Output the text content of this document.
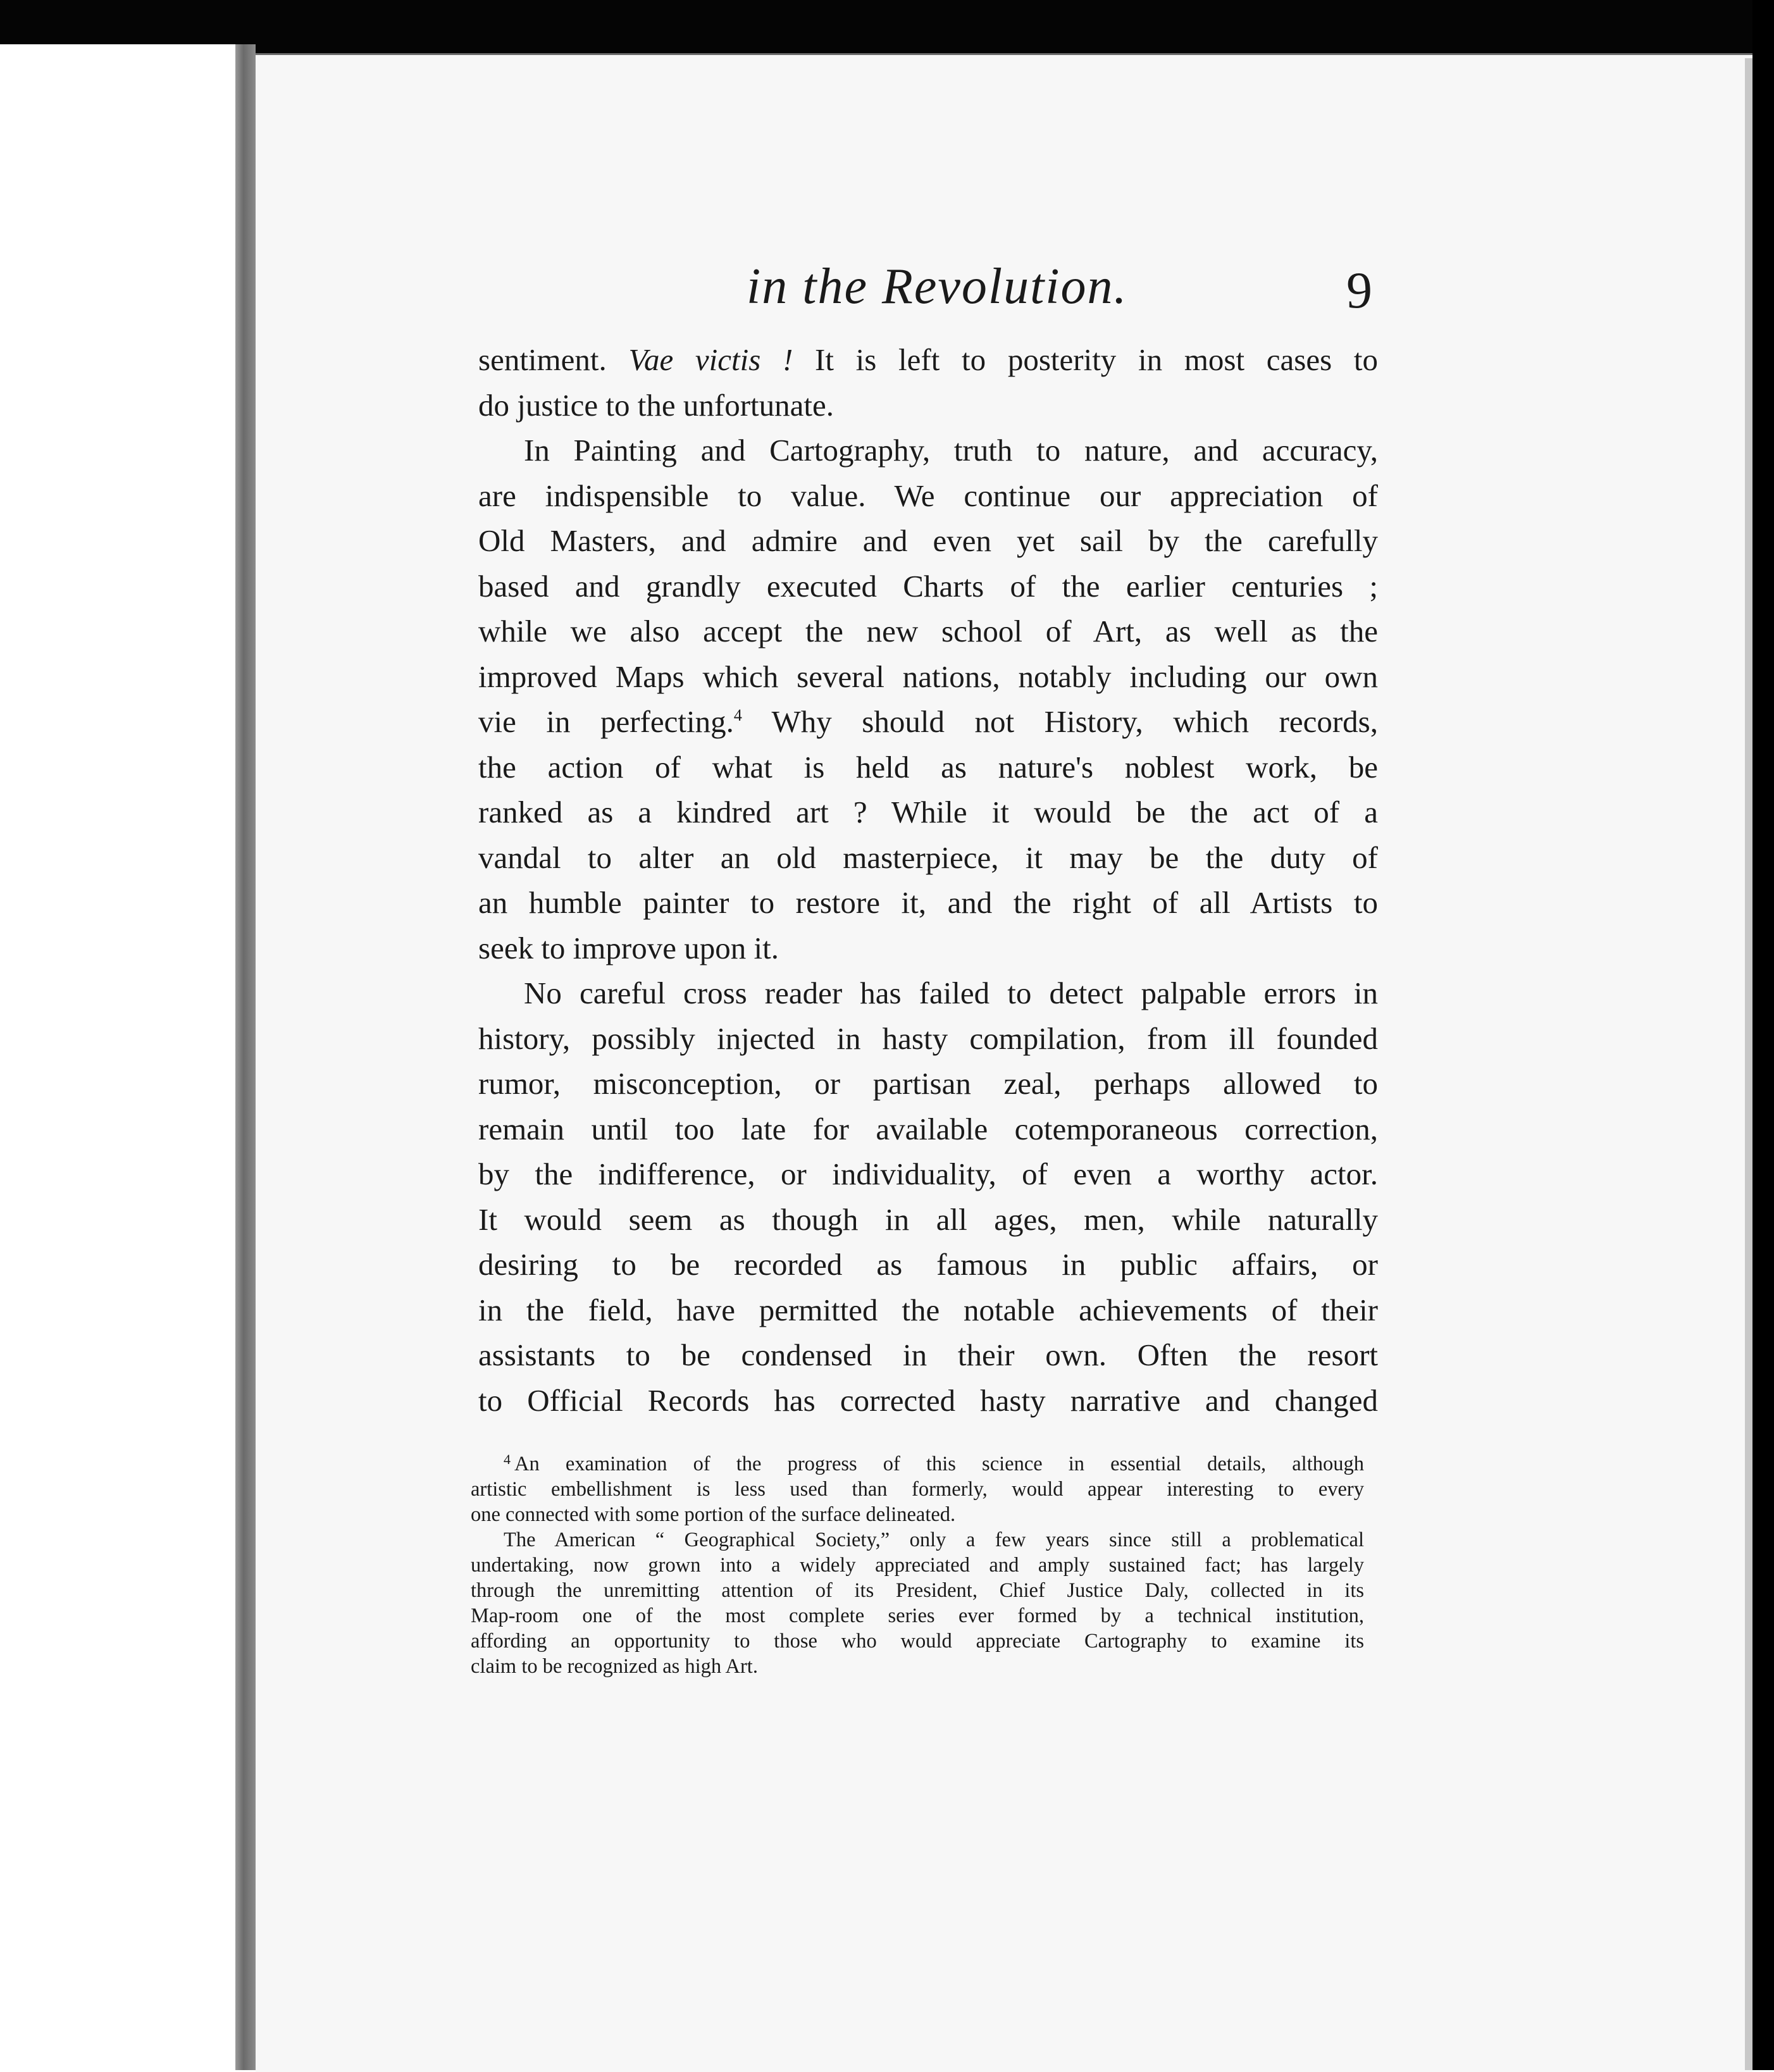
in the Revolution.	9
sentiment. Vae victis ! It is left to posterity in most cases to
do justice to the unfortunate.
In Painting and Cartography, truth to nature, and accuracy,
are indispensible to value. We continue our appreciation of
Old Masters, and admire and even yet sail by the carefully
based and grandly executed Charts of the earlier centuries ;
while we also accept the new school of Art, as well as the
improved Maps which several nations, notably including our own
vie in perfecting.$^4$ Why should not History, which records,
the action of what is held as nature's noblest work, be
ranked as a kindred art ? While it would be the act of a
vandal to alter an old masterpiece, it may be the duty of
an humble painter to restore it, and the right of all Artists to
seek to improve upon it.
No careful cross reader has failed to detect palpable errors in
history, possibly injected in hasty compilation, from ill founded
rumor, misconception, or partisan zeal, perhaps allowed to
remain until too late for available cotemporaneous correction,
by the indifference, or individuality, of even a worthy actor.
It would seem as though in all ages, men, while naturally
desiring to be recorded as famous in public affairs, or
in the field, have permitted the notable achievements of their
assistants to be condensed in their own. Often the resort
to Official Records has corrected hasty narrative and changed
$^4$ An examination of the progress of this science in essential details, although
artistic embellishment is less used than formerly, would appear interesting to every
one connected with some portion of the surface delineated.
The American “ Geographical Society,” only a few years since still a problematical
undertaking, now grown into a widely appreciated and amply sustained fact; has largely
through the unremitting attention of its President, Chief Justice Daly, collected in its
Map-room one of the most complete series ever formed by a technical institution,
affording an opportunity to those who would appreciate Cartography to examine its
claim to be recognized as high Art.
